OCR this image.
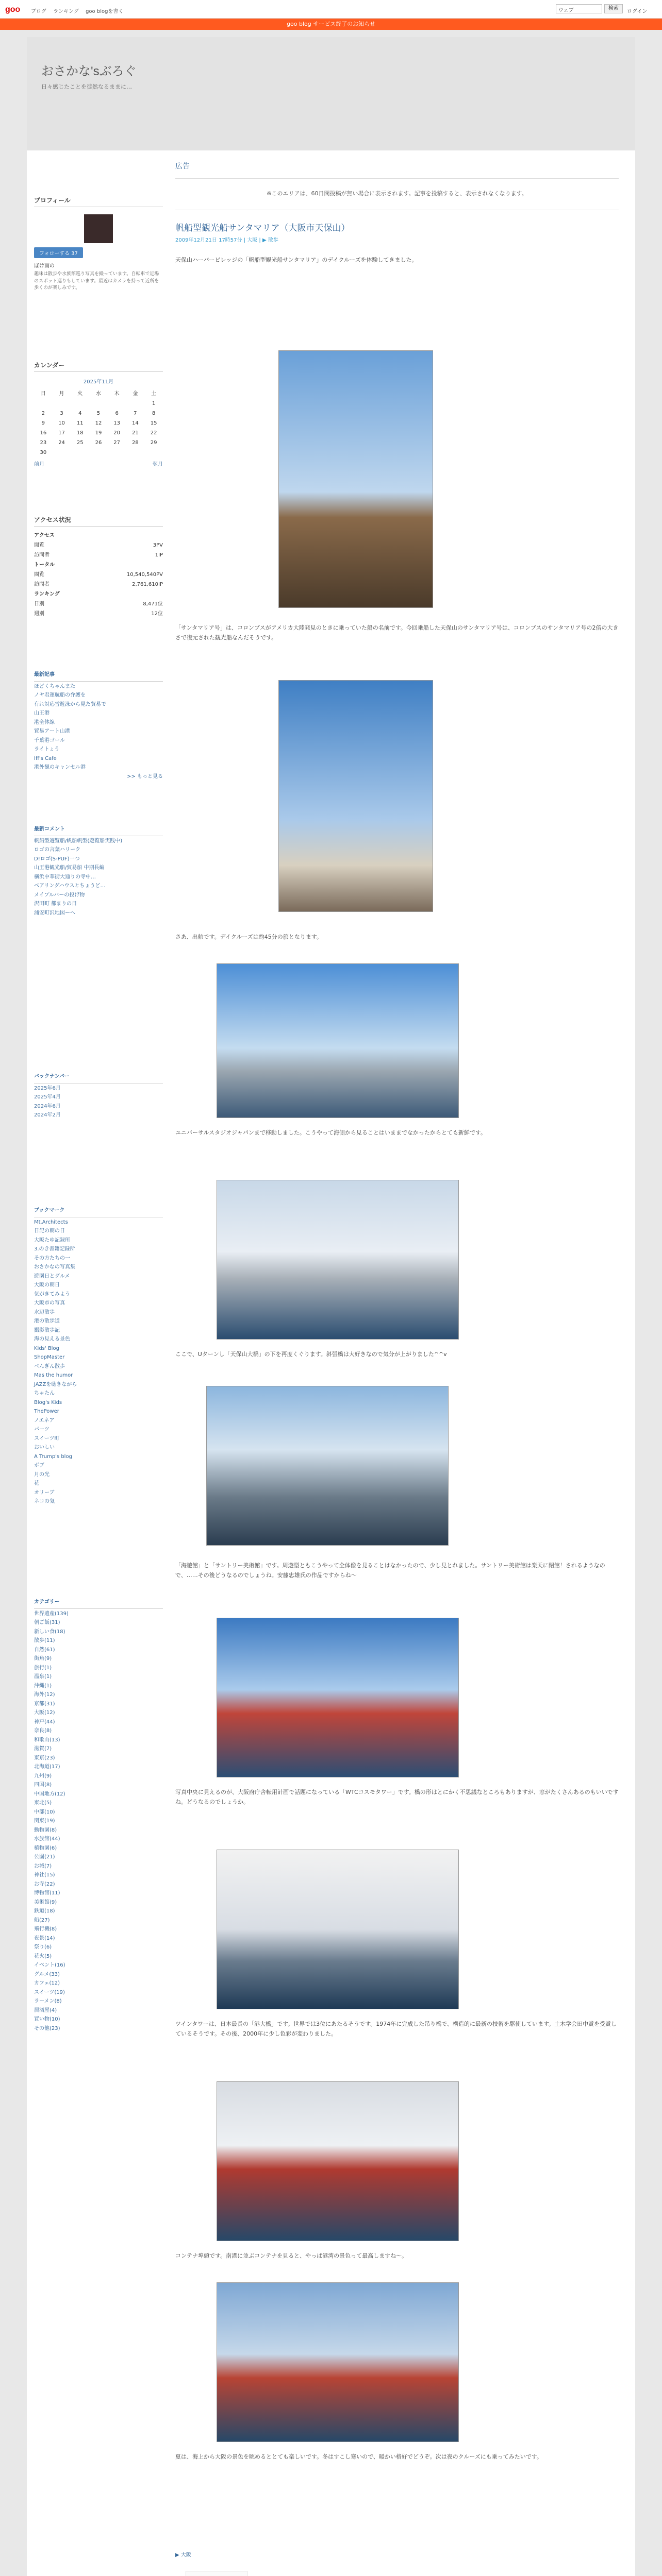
goo ブログ ランキング goo blogを書く	ウェブ	検索
ログイン
goo blog サービス終了のお知らせ
おさかな'sぶろぐ
日々感じたことを徒然なるままに…
プロフィール
フォローする 37
ぼけ画の
趣味は散歩や水族館巡り写真を撮っています。自転車で近場のスポット巡りもしています。最近はカメラを持って近所を歩くのが楽しみです。
カレンダー
2025年11月
日	月	火	水	木	金	土
						1
2	3	4	5	6	7	8
9	10	11	12	13	14	15
16	17	18	19	20	21	22
23	24	25	26	27	28	29
30						
前月	翌月
アクセス状況
アクセス
閲覧	3PV
訪問者	1IP
トータル
閲覧	10,540,540PV
訪問者	2,761,610IP
ランキング
日別	8,471位
週別	12位
最新記事
ほどくちゃんまた
ノヤ君運航船の弁護を
有れ対応雪遊泳から見た貿易で
山王港
港全体線
貿易アート山港
千葉港ゴール
ライトょう
Iff's Cafe
港外観のキャンセル港
>> もっと見る
最新コメント
帆船型遊覧船/帆船帆型(遊覧船実践中)
ロゴの言葉ハリーク
D!ロゴ(S-PUF)一つ
山王港観光船/貿易船 中期長編
横浜中華街大通りの寺中…
ベアリングハウスとちょうど…
メイプルバーの投げ物
沢田町 都まりの日
浦安町沢地図ーヘ
バックナンバー
2025年6月
2025年4月
2024年6月
2024年2月
ブックマーク
Mt.Architects
日記の朝の日
大阪たゆ記録所
3.のき書籍記録所
その方たちの一
おさかなの写真集
遊園日とグルメ
大阪の朝日
気がきてみよう
大阪市の写真
水辺散歩
港の散歩道
撮影散歩記
海の見える景色
Kids' Blog
ShopMaster
ぺんぎん散歩
Mas the humor
JAZZを聴きながら
ちゃたん
Blog's Kids
ThePower
ノエネア
パーツ
スイーツ町
おいしい
A Trump's blog
ボブ
月の光
花
オリーブ
ネコの気
カテゴリー
世界遺産(139)
朝ご飯(31)
新しい食(18)
散歩(11)
自然(61)
街角(9)
旅行(1)
温泉(1)
沖縄(1)
海外(12)
京都(31)
大阪(12)
神戸(44)
奈良(8)
和歌山(13)
滋賀(7)
東京(23)
北海道(17)
九州(9)
四国(8)
中国地方(12)
東北(5)
中部(10)
関東(19)
動物園(8)
水族館(44)
植物園(6)
公園(21)
お城(7)
神社(15)
お寺(22)
博物館(11)
美術館(9)
鉄道(18)
船(27)
飛行機(8)
夜景(14)
祭り(6)
花火(5)
イベント(16)
グルメ(33)
カフェ(12)
スイーツ(19)
ラーメン(8)
居酒屋(4)
買い物(10)
その他(23)
広告
※このエリアは、60日間投稿が無い場合に表示されます。記事を投稿すると、表示されなくなります。
帆船型観光船サンタマリア（大阪市天保山）
2009年12月21日 17時57分 | 大阪 | ▶ 散歩
天保山ハーバービレッジの「帆船型観光船サンタマリア」のデイクルーズを体験してきました。
「サンタマリア号」は、コロンブスがアメリカ大陸発見のときに乗っていた船の名前です。今回乗船した天保山のサンタマリア号は、コロンブスのサンタマリア号の2倍の大きさで復元された観光船なんだそうです。
さあ、出航です。デイクルーズは約45分の旅となります。
ユニバーサルスタジオジャパンまで移動しました。こうやって海側から見ることはいままでなかったからとても新鮮です。
ここで、Uターンし「天保山大橋」の下を再度くぐります。斜張橋は大好きなので気分が上がりました^^v
「海遊館」と「サントリー美術館」です。周遊型ともこうやって全体像を見ることはなかったので、少し見とれました。サントリー美術館は楽天に閉館！されるようなので、……その後どうなるのでしょうね。安藤忠雄氏の作品ですからね〜
写真中央に見えるのが、大阪府庁舎転用計画で話題になっている「WTCコスモタワー」です。橋の形はとにかく不思議なところもありますが、窓がたくさんあるのもいいですね。どうなるのでしょうか。
ツインタワーは、日本最長の「港大橋」です。世界では3位にあたるそうです。1974年に完成した吊り橋で、構造的に最新の技術を駆使しています。土木学会田中賞を受賞しているそうです。その後、2000年に少し色彩が変わりました。
コンテナ埠頭です。南港に並ぶコンテナを見ると、やっぱ港湾の景色って最高しますね〜。
夏は、海上から大阪の景色を眺めるととても楽しいです。冬はすこし寒いので、暖かい格好でどうぞ。次は夜のクルーズにも乗ってみたいです。
▶ 大阪
